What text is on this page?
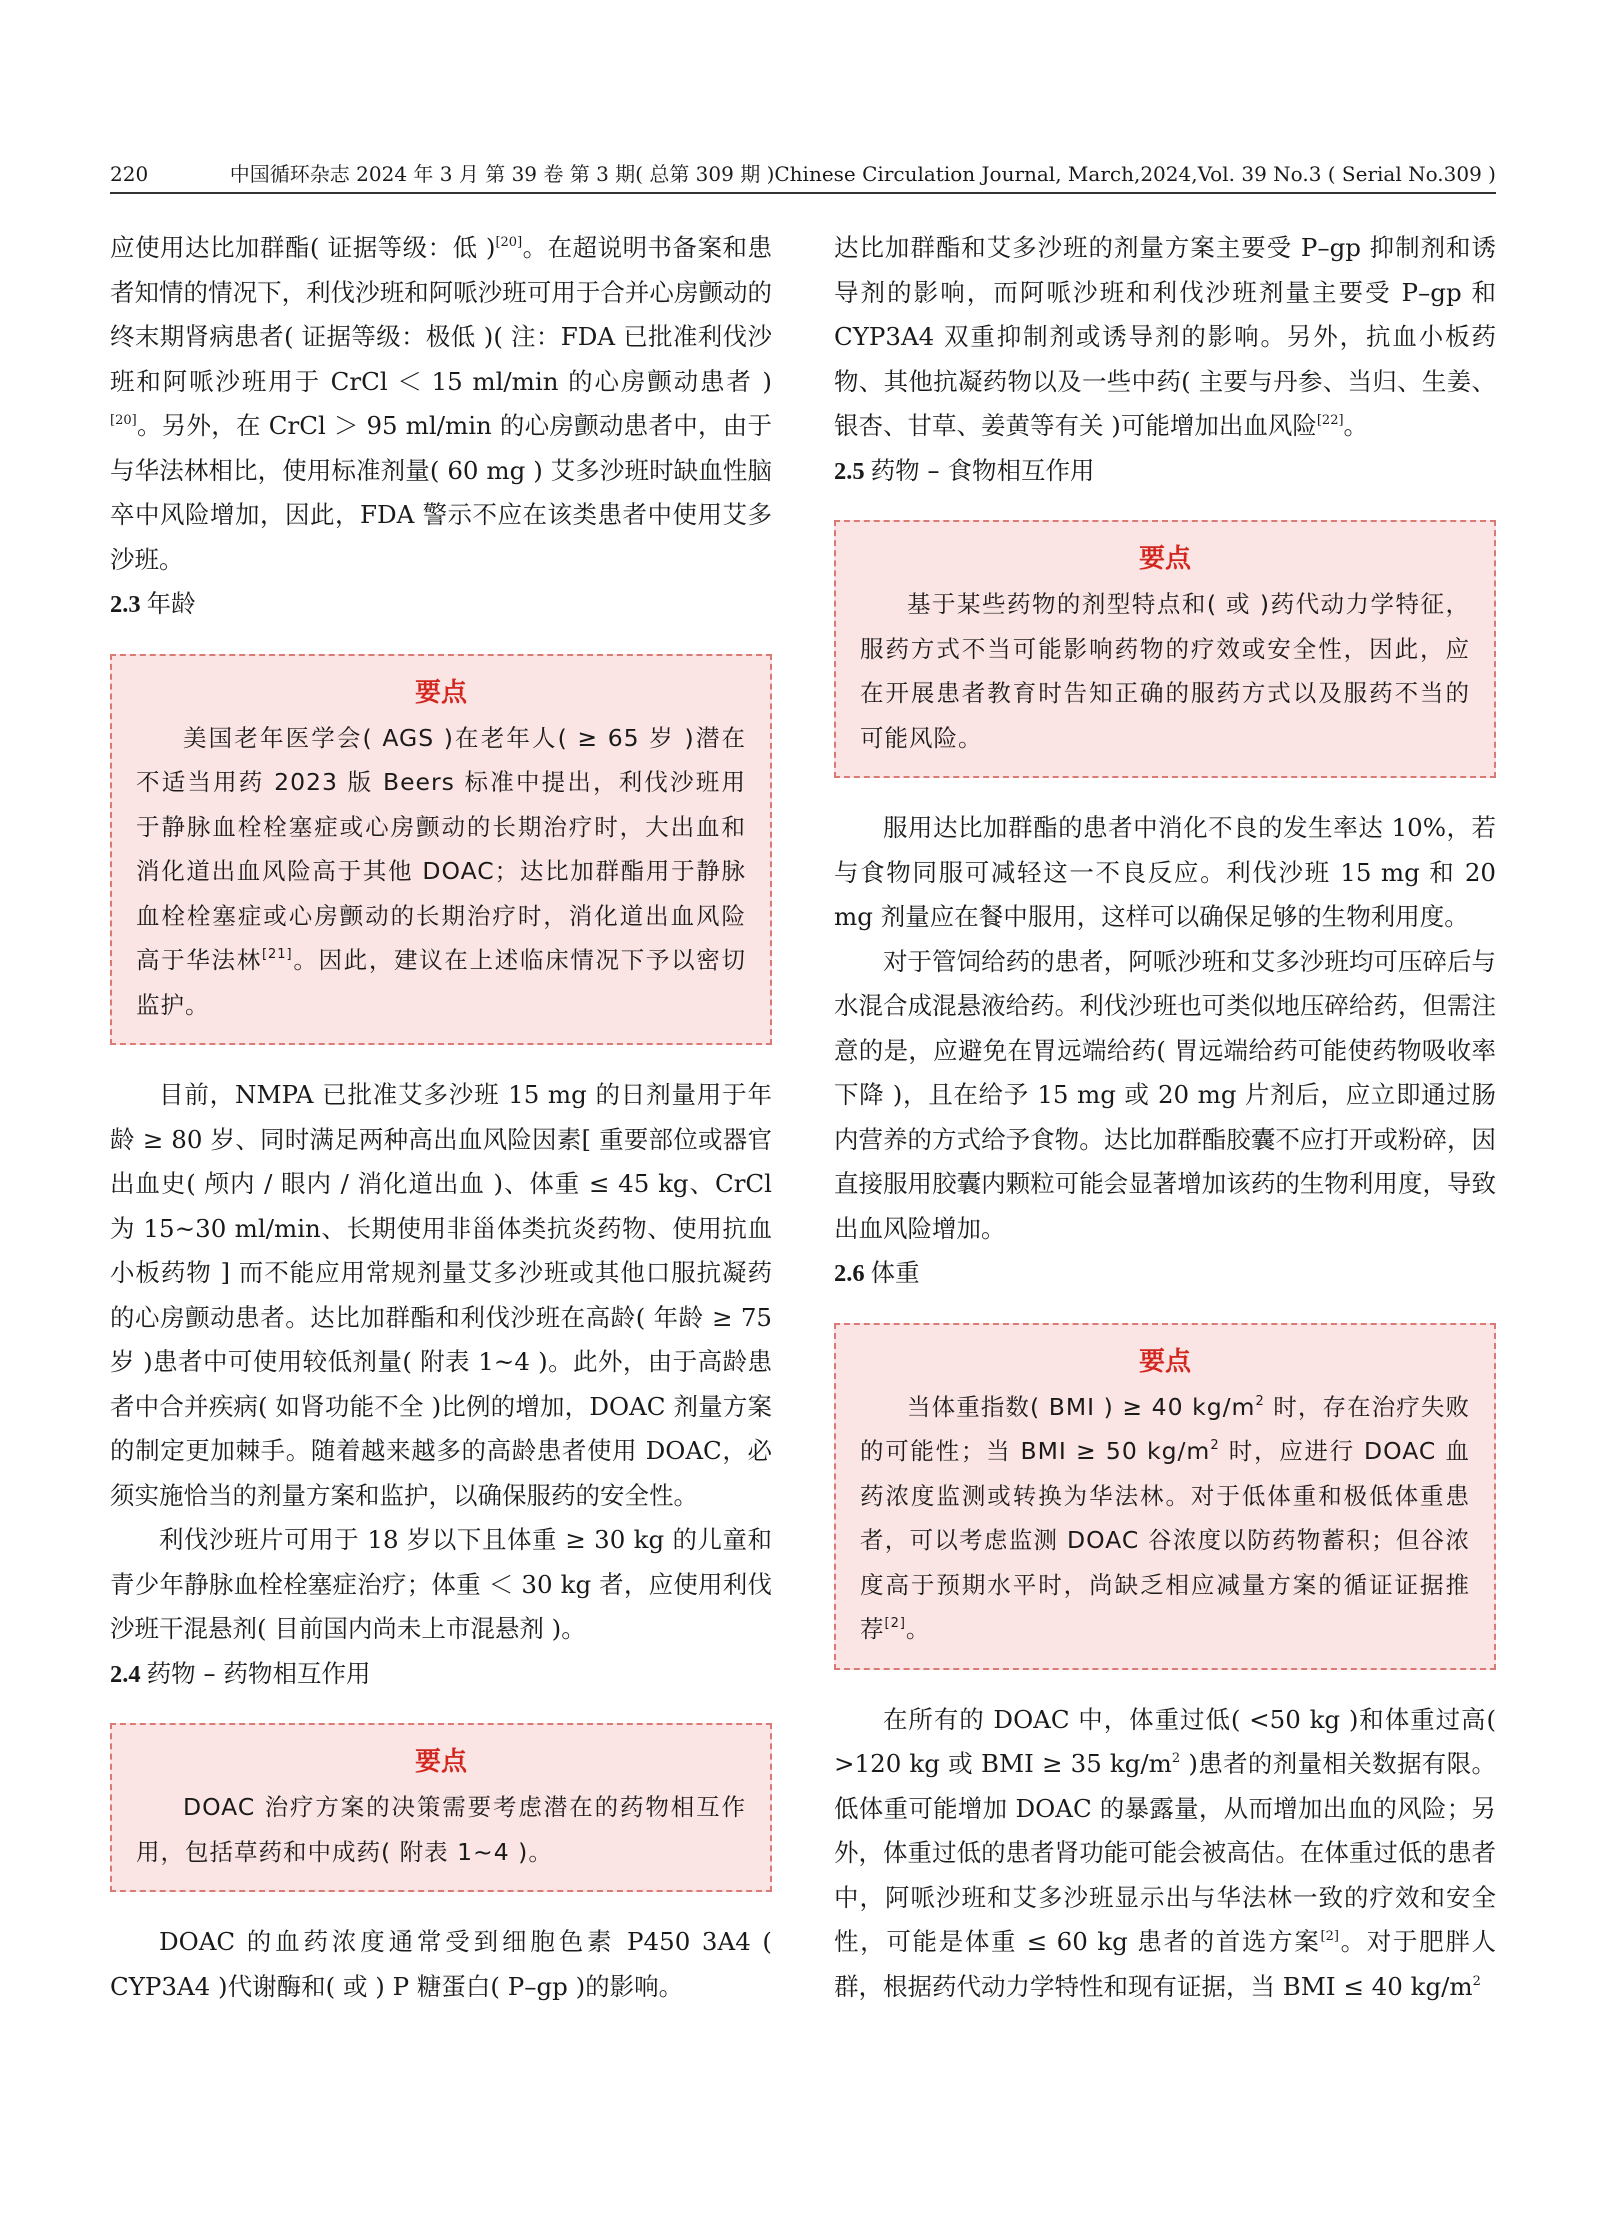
220	中国循环杂志 2024 年 3 月 第 39 卷 第 3 期( 总第 309 期 )Chinese Circulation Journal, March,2024,Vol. 39 No.3 ( Serial No.309 )

应使用达比加群酯( 证据等级：低 )[20]。在超说明书备案和患者知情的情况下，利伐沙班和阿哌沙班可用于合并心房颤动的终末期肾病患者( 证据等级：极低 )( 注：FDA 已批准利伐沙班和阿哌沙班用于 CrCl ＜ 15 ml/min 的心房颤动患者 )[20]。另外，在 CrCl ＞ 95 ml/min 的心房颤动患者中，由于与华法林相比，使用标准剂量( 60 mg ) 艾多沙班时缺血性脑卒中风险增加，因此，FDA 警示不应在该类患者中使用艾多沙班。

2.3 年龄
要点

美国老年医学会( AGS )在老年人( ≥ 65 岁 )潜在不适当用药 2023 版 Beers 标准中提出，利伐沙班用于静脉血栓栓塞症或心房颤动的长期治疗时，大出血和消化道出血风险高于其他 DOAC；达比加群酯用于静脉血栓栓塞症或心房颤动的长期治疗时，消化道出血风险高于华法林[21]。因此，建议在上述临床情况下予以密切监护。

目前，NMPA 已批准艾多沙班 15 mg 的日剂量用于年龄 ≥ 80 岁、同时满足两种高出血风险因素[ 重要部位或器官出血史( 颅内 / 眼内 / 消化道出血 )、体重 ≤ 45 kg、CrCl 为 15~30 ml/min、长期使用非甾体类抗炎药物、使用抗血小板药物 ] 而不能应用常规剂量艾多沙班或其他口服抗凝药的心房颤动患者。达比加群酯和利伐沙班在高龄( 年龄 ≥ 75 岁 )患者中可使用较低剂量( 附表 1~4 )。此外，由于高龄患者中合并疾病( 如肾功能不全 )比例的增加，DOAC 剂量方案的制定更加棘手。随着越来越多的高龄患者使用 DOAC，必须实施恰当的剂量方案和监护，以确保服药的安全性。

利伐沙班片可用于 18 岁以下且体重 ≥ 30 kg 的儿童和青少年静脉血栓栓塞症治疗；体重 ＜ 30 kg 者，应使用利伐沙班干混悬剂( 目前国内尚未上市混悬剂 )。

2.4 药物 – 药物相互作用
要点

DOAC 治疗方案的决策需要考虑潜在的药物相互作用，包括草药和中成药( 附表 1~4 )。

DOAC 的血药浓度通常受到细胞色素 P450 3A4 ( CYP3A4 )代谢酶和( 或 ) P 糖蛋白( P–gp )的影响。

达比加群酯和艾多沙班的剂量方案主要受 P–gp 抑制剂和诱导剂的影响，而阿哌沙班和利伐沙班剂量主要受 P–gp 和 CYP3A4 双重抑制剂或诱导剂的影响。另外，抗血小板药物、其他抗凝药物以及一些中药( 主要与丹参、当归、生姜、银杏、甘草、姜黄等有关 )可能增加出血风险[22]。

2.5 药物 – 食物相互作用
要点

基于某些药物的剂型特点和( 或 )药代动力学特征，服药方式不当可能影响药物的疗效或安全性，因此，应在开展患者教育时告知正确的服药方式以及服药不当的可能风险。

服用达比加群酯的患者中消化不良的发生率达 10%，若与食物同服可减轻这一不良反应。利伐沙班 15 mg 和 20 mg 剂量应在餐中服用，这样可以确保足够的生物利用度。

对于管饲给药的患者，阿哌沙班和艾多沙班均可压碎后与水混合成混悬液给药。利伐沙班也可类似地压碎给药，但需注意的是，应避免在胃远端给药( 胃远端给药可能使药物吸收率下降 )，且在给予 15 mg 或 20 mg 片剂后，应立即通过肠内营养的方式给予食物。达比加群酯胶囊不应打开或粉碎，因直接服用胶囊内颗粒可能会显著增加该药的生物利用度，导致出血风险增加。

2.6 体重
要点

当体重指数( BMI ) ≥ 40 $kg/m^2$ 时，存在治疗失败的可能性；当 BMI ≥ 50 $kg/m^2$ 时，应进行 DOAC 血药浓度监测或转换为华法林。对于低体重和极低体重患者，可以考虑监测 DOAC 谷浓度以防药物蓄积；但谷浓度高于预期水平时，尚缺乏相应减量方案的循证证据推荐[2]。

在所有的 DOAC 中，体重过低( <50 kg )和体重过高( >120 kg 或 BMI ≥ 35 $kg/m^2$ )患者的剂量相关数据有限。低体重可能增加 DOAC 的暴露量，从而增加出血的风险；另外，体重过低的患者肾功能可能会被高估。在体重过低的患者中，阿哌沙班和艾多沙班显示出与华法林一致的疗效和安全性，可能是体重 ≤ 60 kg 患者的首选方案[2]。对于肥胖人群，根据药代动力学特性和现有证据，当 BMI ≤ 40 $kg/m^2$
